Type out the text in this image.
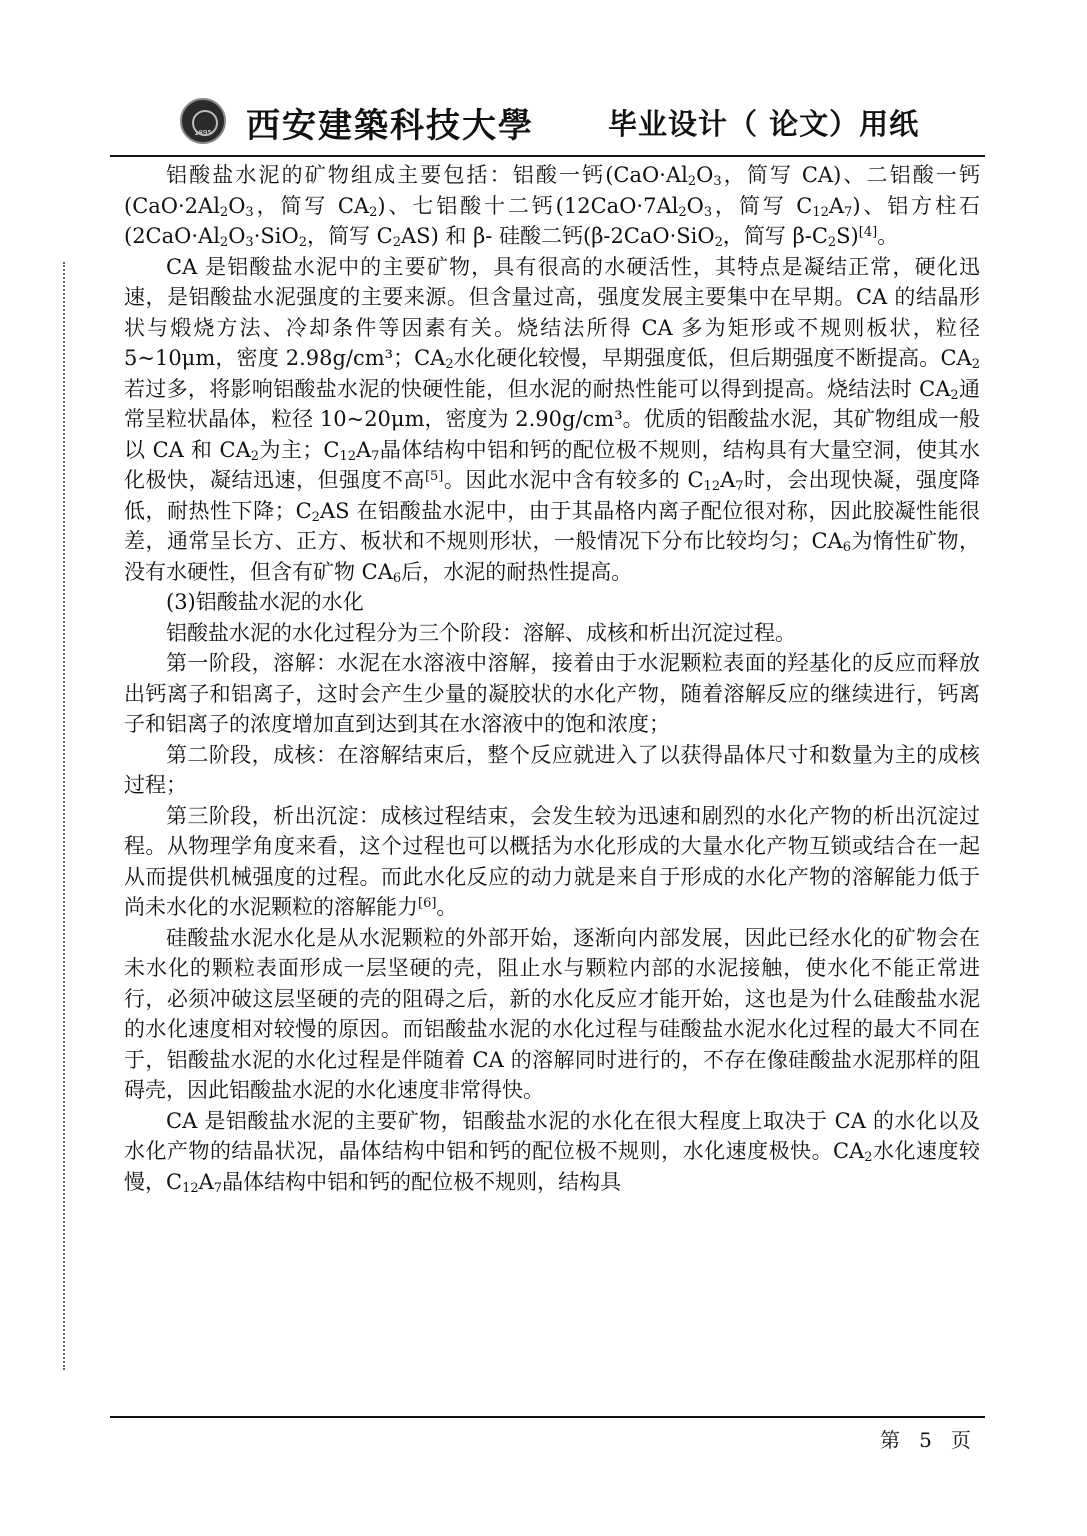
1895	西安建築科技大學	毕业设计（ 论文）用纸

铝酸盐水泥的矿物组成主要包括：铝酸一钙($CaO\cdot Al_2O_3$，简写 CA)、二铝酸一钙($CaO\cdot 2Al_2O_3$，简写 $CA_2$)、七铝酸十二钙($12CaO\cdot 7Al_2O_3$，简写 $C_{12}A_7$)、铝方柱石($2CaO\cdot Al_2O_3\cdot SiO_2$，简写 $C_2AS$) 和 β- 硅酸二钙(β-2CaO·SiO$_2$，简写 $\beta-C_2S)[4]$。

CA 是铝酸盐水泥中的主要矿物，具有很高的水硬活性，其特点是凝结正常，硬化迅速，是铝酸盐水泥强度的主要来源。但含量过高，强度发展主要集中在早期。CA 的结晶形状与煅烧方法、冷却条件等因素有关。烧结法所得 CA 多为矩形或不规则板状，粒径 5~10μm，密度 2.98g/cm³；$CA_2$水化硬化较慢，早期强度低，但后期强度不断提高。$CA_2$若过多，将影响铝酸盐水泥的快硬性能，但水泥的耐热性能可以得到提高。烧结法时 $CA_2$通常呈粒状晶体，粒径 10~20μm，密度为 2.90g/cm³。优质的铝酸盐水泥，其矿物组成一般以 CA 和 $CA_2$为主；$C_{12}A_7$晶体结构中铝和钙的配位极不规则，结构具有大量空洞，使其水化极快，凝结迅速，但强度不高[5]。因此水泥中含有较多的 $C_{12}A_7$时，会出现快凝，强度降低，耐热性下降；$C_2AS$ 在铝酸盐水泥中，由于其晶格内离子配位很对称，因此胶凝性能很差，通常呈长方、正方、板状和不规则形状，一般情况下分布比较均匀；$CA_6$为惰性矿物，没有水硬性，但含有矿物 $CA_6$后，水泥的耐热性提高。

(3)铝酸盐水泥的水化

铝酸盐水泥的水化过程分为三个阶段：溶解、成核和析出沉淀过程。

第一阶段，溶解：水泥在水溶液中溶解，接着由于水泥颗粒表面的羟基化的反应而释放出钙离子和铝离子，这时会产生少量的凝胶状的水化产物，随着溶解反应的继续进行，钙离子和铝离子的浓度增加直到达到其在水溶液中的饱和浓度；

第二阶段，成核：在溶解结束后，整个反应就进入了以获得晶体尺寸和数量为主的成核过程；

第三阶段，析出沉淀：成核过程结束，会发生较为迅速和剧烈的水化产物的析出沉淀过程。从物理学角度来看，这个过程也可以概括为水化形成的大量水化产物互锁或结合在一起从而提供机械强度的过程。而此水化反应的动力就是来自于形成的水化产物的溶解能力低于尚未水化的水泥颗粒的溶解能力[6]。

硅酸盐水泥水化是从水泥颗粒的外部开始，逐渐向内部发展，因此已经水化的矿物会在未水化的颗粒表面形成一层坚硬的壳，阻止水与颗粒内部的水泥接触，使水化不能正常进行，必须冲破这层坚硬的壳的阻碍之后，新的水化反应才能开始，这也是为什么硅酸盐水泥的水化速度相对较慢的原因。而铝酸盐水泥的水化过程与硅酸盐水泥水化过程的最大不同在于，铝酸盐水泥的水化过程是伴随着 CA 的溶解同时进行的，不存在像硅酸盐水泥那样的阻碍壳，因此铝酸盐水泥的水化速度非常得快。

CA 是铝酸盐水泥的主要矿物，铝酸盐水泥的水化在很大程度上取决于 CA 的水化以及水化产物的结晶状况，晶体结构中铝和钙的配位极不规则，水化速度极快。$CA_2$水化速度较慢，$C_{12}A_7$晶体结构中铝和钙的配位极不规则，结构具

第 5 页
